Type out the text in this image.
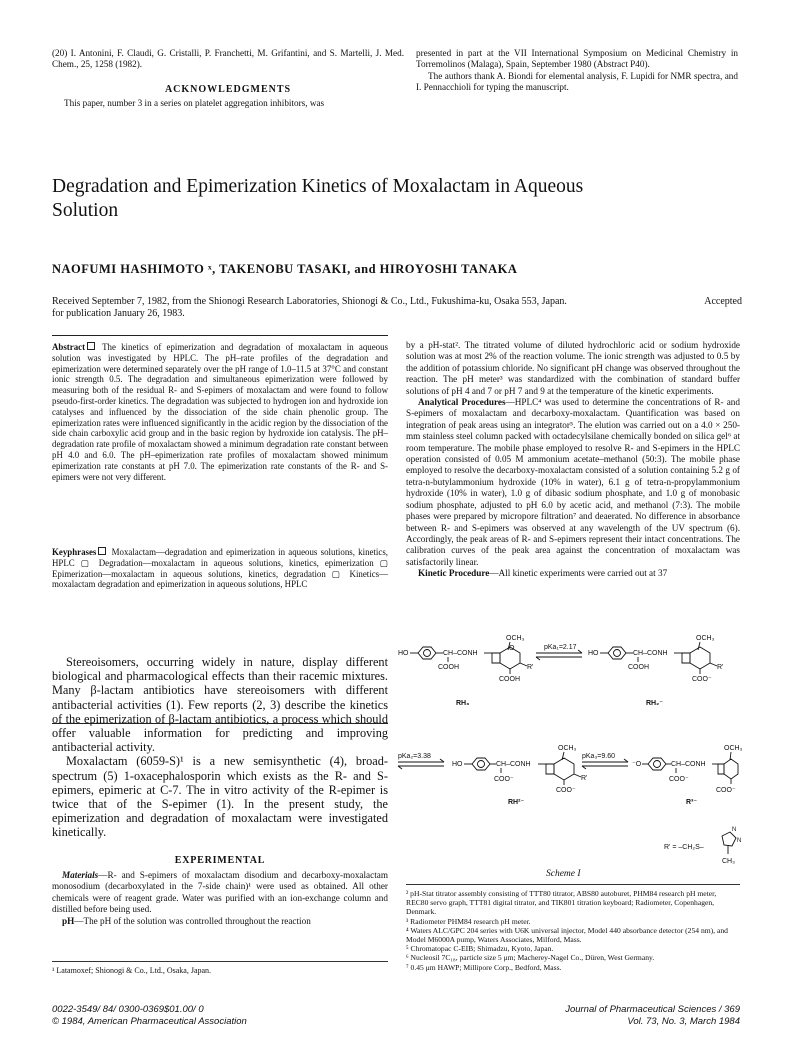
(20) I. Antonini, F. Claudi, G. Cristalli, P. Franchetti, M. Grifantini, and S. Martelli, J. Med. Chem., 25, 1258 (1982).

ACKNOWLEDGMENTS
This paper, number 3 in a series on platelet aggregation inhibitors, was

presented in part at the VII International Symposium on Medicinal Chemistry in Torremolinos (Malaga), Spain, September 1980 (Abstract P40).

The authors thank A. Biondi for elemental analysis, F. Lupidi for NMR spectra, and I. Pennacchioli for typing the manuscript.

Degradation and Epimerization Kinetics of Moxalactam in Aqueous Solution
NAOFUMI HASHIMOTO ˣ, TAKENOBU TASAKI, and HIROYOSHI TANAKA
Received September 7, 1982, from the Shionogi Research Laboratories, Shionogi & Co., Ltd., Fukushima-ku, Osaka 553, Japan.	Accepted

for publication January 26, 1983.
Abstract The kinetics of epimerization and degradation of moxalactam in aqueous solution was investigated by HPLC. The pH–rate profiles of the degradation and epimerization were determined separately over the pH range of 1.0–11.5 at 37°C and constant ionic strength 0.5. The degradation and simultaneous epimerization were followed by measuring both of the residual R- and S-epimers of moxalactam and were found to follow pseudo-first-order kinetics. The degradation was subjected to hydrogen ion and hydroxide ion catalyses and influenced by the dissociation of the side chain phenolic group. The epimerization rates were influenced significantly in the acidic region by the dissociation of the side chain carboxylic acid group and in the basic region by hydroxide ion catalysis. The pH–degradation rate profile of moxalactam showed a minimum degradation rate constant between pH 4.0 and 6.0. The pH–epimerization rate profiles of moxalactam showed minimum epimerization rate constants at pH 7.0. The epimerization rate constants of the R- and S-epimers were not very different.
Keyphrases Moxalactam—degradation and epimerization in aqueous solutions, kinetics, HPLC ▢ Degradation—moxalactam in aqueous solutions, kinetics, epimerization ▢ Epimerization—moxalactam in aqueous solutions, kinetics, degradation ▢ Kinetics—moxalactam degradation and epimerization in aqueous solutions, HPLC

Stereoisomers, occurring widely in nature, display different biological and pharmacological effects than their racemic mixtures. Many β-lactam antibiotics have stereoisomers with different antibacterial activities (1). Few reports (2, 3) describe the kinetics of the epimerization of β-lactam antibiotics, a process which should offer valuable information for predicting and improving antibacterial activity.

Moxalactam (6059-S)¹ is a new semisynthetic (4), broad-spectrum (5) 1-oxacephalosporin which exists as the R- and S-epimers, epimeric at C-7. The in vitro activity of the R-epimer is twice that of the S-epimer (1). In the present study, the epimerization and degradation of moxalactam were investigated kinetically.

EXPERIMENTAL

Materials—R- and S-epimers of moxalactam disodium and decarboxy-moxalactam monosodium (decarboxylated in the 7-side chain)¹ were used as obtained. All other chemicals were of reagent grade. Water was purified with an ion-exchange column and distilled before being used.

pH—The pH of the solution was controlled throughout the reaction

¹ Latamoxef; Shionogi & Co., Ltd., Osaka, Japan.

by a pH-stat². The titrated volume of diluted hydrochloric acid or sodium hydroxide solution was at most 2% of the reaction volume. The ionic strength was adjusted to 0.5 by the addition of potassium chloride. No significant pH change was observed throughout the reaction. The pH meter³ was standardized with the combination of standard buffer solutions of pH 4 and 7 or pH 7 and 9 at the temperature of the kinetic experiments.

Analytical Procedures—HPLC⁴ was used to determine the concentrations of R- and S-epimers of moxalactam and decarboxy-moxalactam. Quantification was based on integration of peak areas using an integrator⁵. The elution was carried out on a 4.0 × 250-mm stainless steel column packed with octadecylsilane chemically bonded on silica gel⁶ at room temperature. The mobile phase employed to resolve R- and S-epimers in the HPLC operation consisted of 0.05 M ammonium acetate–methanol (50:3). The mobile phase employed to resolve the decarboxy-moxalactam consisted of a solution containing 5.2 g of tetra-n-butylammonium hydroxide (10% in water), 6.1 g of tetra-n-propylammonium hydroxide (10% in water), 1.0 g of dibasic sodium phosphate, and 1.0 g of monobasic sodium phosphate, adjusted to pH 6.0 by acetic acid, and methanol (7:3). The mobile phases were prepared by micropore filtration⁷ and deaerated. No difference in absorbance between R- and S-epimers was observed at any wavelength of the UV spectrum (6). Accordingly, the peak areas of R- and S-epimers represent their intact concentrations. The calibration curves of the peak area against the concentration of moxalactam was satisfactorily linear.

Kinetic Procedure—All kinetic experiments were carried out at 37

HO	CH–CONH
COOH
OCH₃
O
COOH
R'
RH₃
pKa₁=2.17
HO	CH–CONH
COOH
OCH₃
COO⁻
R'
RH₂⁻
pKa₂=3.38
HO	CH–CONH
COO⁻
OCH₃
COO⁻
R'
RH²⁻
pKa₃=9.60
⁻O	CH–CONH
COO⁻
OCH₃
COO⁻
R³⁻
R' = –CH₂S–
N
N
CH₃
Scheme I

² pH-Stat titrator assembly consisting of TTT80 titrator, ABS80 autoburet, PHM84 research pH meter, REC80 servo graph, TTT81 digital titrator, and TIK801 titration keyboard; Radiometer, Copenhagen, Denmark.

³ Radiometer PHM84 research pH meter.

⁴ Waters ALC/GPC 204 series with U6K universal injector, Model 440 absorbance detector (254 nm), and Model M6000A pump, Waters Associates, Milford, Mass.

⁵ Chromatopac C-EIB; Shimadzu, Kyoto, Japan.

⁶ Nucleosil 7C₁₈, particle size 5 μm; Macherey-Nagel Co., Düren, West Germany.

⁷ 0.45 μm HAWP; Millipore Corp., Bedford, Mass.

0022-3549/ 84/ 0300-0369$01.00/ 0
© 1984, American Pharmaceutical Association
Journal of Pharmaceutical Sciences / 369
Vol. 73, No. 3, March 1984
